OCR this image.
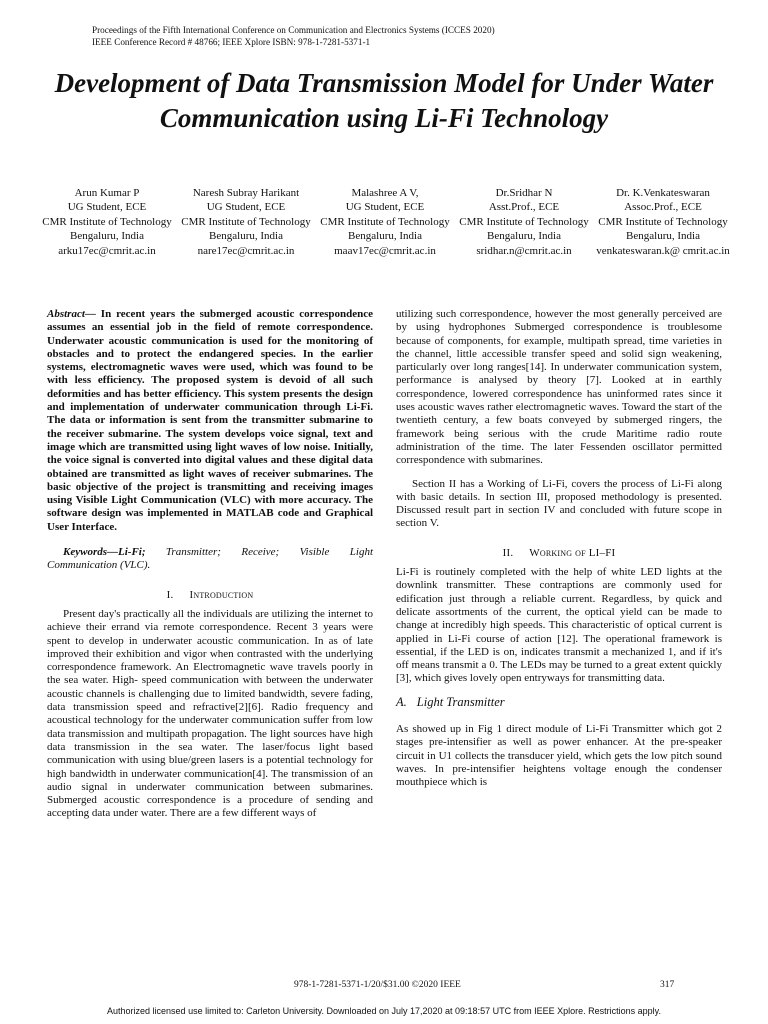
Proceedings of the Fifth International Conference on Communication and Electronics Systems (ICCES 2020)
IEEE Conference Record # 48766; IEEE Xplore ISBN: 978-1-7281-5371-1
Development of Data Transmission Model for Under Water Communication using Li-Fi Technology
Arun Kumar P
UG Student, ECE
CMR Institute of Technology
Bengaluru, India
arku17ec@cmrit.ac.in
Naresh Subray Harikant
UG Student, ECE
CMR Institute of Technology
Bengaluru, India
nare17ec@cmrit.ac.in
Malashree A V,
UG Student, ECE
CMR Institute of Technology
Bengaluru, India
maav17ec@cmrit.ac.in
Dr.Sridhar N
Asst.Prof., ECE
CMR Institute of Technology
Bengaluru, India
sridhar.n@cmrit.ac.in
Dr. K.Venkateswaran
Assoc.Prof., ECE
CMR Institute of Technology
Bengaluru, India
venkateswaran.k@ cmrit.ac.in

Abstract— In recent years the submerged acoustic correspondence assumes an essential job in the field of remote correspondence. Underwater acoustic communication is used for the monitoring of obstacles and to protect the endangered species. In the earlier systems, electromagnetic waves were used, which was found to be with less efficiency. The proposed system is devoid of all such deformities and has better efficiency. This system presents the design and implementation of underwater communication through Li-Fi. The data or information is sent from the transmitter submarine to the receiver submarine. The system develops voice signal, text and image which are transmitted using light waves of low noise. Initially, the voice signal is converted into digital values and these digital data obtained are transmitted as light waves of receiver submarines. The basic objective of the project is transmitting and receiving images using Visible Light Communication (VLC) with more accuracy. The software design was implemented in MATLAB code and Graphical User Interface.

Keywords—Li-Fi; Transmitter; Receive; Visible Light Communication (VLC).

I. Introduction

Present day's practically all the individuals are utilizing the internet to achieve their errand via remote correspondence. Recent 3 years were spent to develop in underwater acoustic communication. In as of late improved their exhibition and vigor when contrasted with the underlying correspondence framework. An Electromagnetic wave travels poorly in the sea water. High- speed communication with between the underwater acoustic channels is challenging due to limited bandwidth, severe fading, data transmission speed and refractive[2][6]. Radio frequency and acoustical technology for the underwater communication suffer from low data transmission and multipath propagation. The light sources have high data transmission in the sea water. The laser/focus light based communication with using blue/green lasers is a potential technology for high bandwidth in underwater communication[4]. The transmission of an audio signal in underwater communication between submarines. Submerged acoustic correspondence is a procedure of sending and accepting data under water. There are a few different ways of

utilizing such correspondence, however the most generally perceived are by using hydrophones Submerged correspondence is troublesome because of components, for example, multipath spread, time varieties in the channel, little accessible transfer speed and solid sign weakening, particularly over long ranges[14]. In underwater communication system, performance is analysed by theory [7]. Looked at in earthly correspondence, lowered correspondence has uninformed rates since it uses acoustic waves rather electromagnetic waves. Toward the start of the twentieth century, a few boats conveyed by submerged ringers, the framework being serious with the crude Maritime radio route administration of the time. The later Fessenden oscillator permitted correspondence with submarines.

Section II has a Working of Li-Fi, covers the process of Li-Fi along with basic details. In section III, proposed methodology is presented. Discussed result part in section IV and concluded with future scope in section V.

II. Working of LI–FI

Li-Fi is routinely completed with the help of white LED lights at the downlink transmitter. These contraptions are commonly used for edification just through a reliable current. Regardless, by quick and delicate assortments of the current, the optical yield can be made to change at incredibly high speeds. This characteristic of optical current is applied in Li-Fi course of action [12]. The operational framework is essential, if the LED is on, indicates transmit a mechanized 1, and if it's off means transmit a 0. The LEDs may be turned to a great extent quickly [3], which gives lovely open entryways for transmitting data.

A. Light Transmitter

As showed up in Fig 1 direct module of Li-Fi Transmitter which got 2 stages pre-intensifier as well as power enhancer. At the pre-speaker circuit in U1 collects the transducer yield, which gets the low pitch sound waves. In pre-intensifier heightens voltage enough the condenser mouthpiece which is

978-1-7281-5371-1/20/$31.00 ©2020 IEEE	317
Authorized licensed use limited to: Carleton University. Downloaded on July 17,2020 at 09:18:57 UTC from IEEE Xplore. Restrictions apply.
